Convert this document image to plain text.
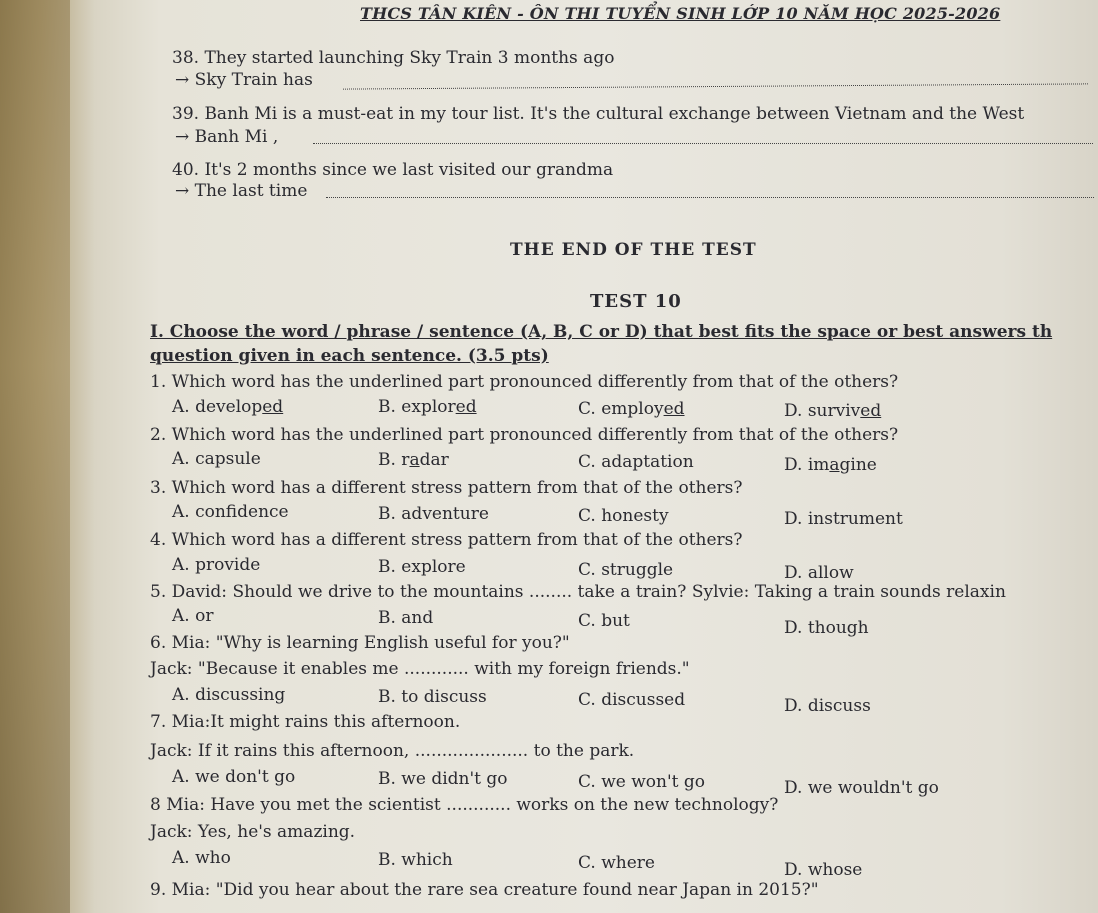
THCS TÂN KIÊN - ÔN THI TUYỂN SINH LỚP 10 NĂM HỌC 2025-2026
38. They started launching Sky Train 3 months ago
→ Sky Train has
39. Banh Mi is a must-eat in my tour list. It's the cultural exchange between Vietnam and the West
→ Banh Mi ,
40. It's 2 months since we last visited our grandma
→ The last time
THE END OF THE TEST
TEST 10
I. Choose the word / phrase / sentence (A, B, C or D) that best fits the space or best answers th
question given in each sentence. (3.5 pts)
1. Which word has the underlined part pronounced differently from that of the others?
A. developed	B. explored	C. employed	D. survived
2. Which word has the underlined part pronounced differently from that of the others?
A. capsule	B. radar	C. adaptation	D. imagine
3. Which word has a different stress pattern from that of the others?
A. confidence	B. adventure	C. honesty	D. instrument
4. Which word has a different stress pattern from that of the others?
A. provide	B. explore	C. struggle	D. allow
5. David: Should we drive to the mountains ........ take a train? Sylvie: Taking a train sounds relaxin
A. or	B. and	C. but	D. though
6. Mia: "Why is learning English useful for you?"
Jack: "Because it enables me ............ with my foreign friends."
A. discussing	B. to discuss	C. discussed	D. discuss
7. Mia:It might rains this afternoon.
Jack: If it rains this afternoon, ..................... to the park.
A. we don't go	B. we didn't go	C. we won't go	D. we wouldn't go
8 Mia: Have you met the scientist ............ works on the new technology?
Jack: Yes, he's amazing.
A. who	B. which	C. where	D. whose
9. Mia: "Did you hear about the rare sea creature found near Japan in 2015?"
